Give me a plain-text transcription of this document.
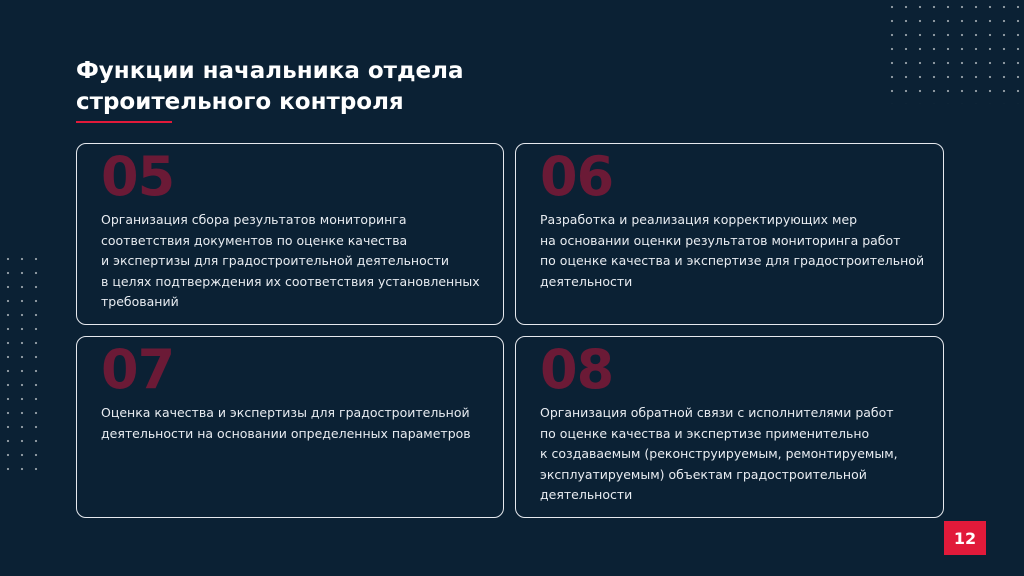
Функции начальника отдела
строительного контроля
05
Организация сбора результатов мониторинга
соответствия документов по оценке качества
и экспертизы для градостроительной деятельности
в целях подтверждения их соответствия установленных
требований
06
Разработка и реализация корректирующих мер
на основании оценки результатов мониторинга работ
по оценке качества и экспертизе для градостроительной
деятельности
07
Оценка качества и экспертизы для градостроительной
деятельности на основании определенных параметров
08
Организация обратной связи с исполнителями работ
по оценке качества и экспертизе применительно
к создаваемым (реконструируемым, ремонтируемым,
эксплуатируемым) объектам градостроительной
деятельности
12
